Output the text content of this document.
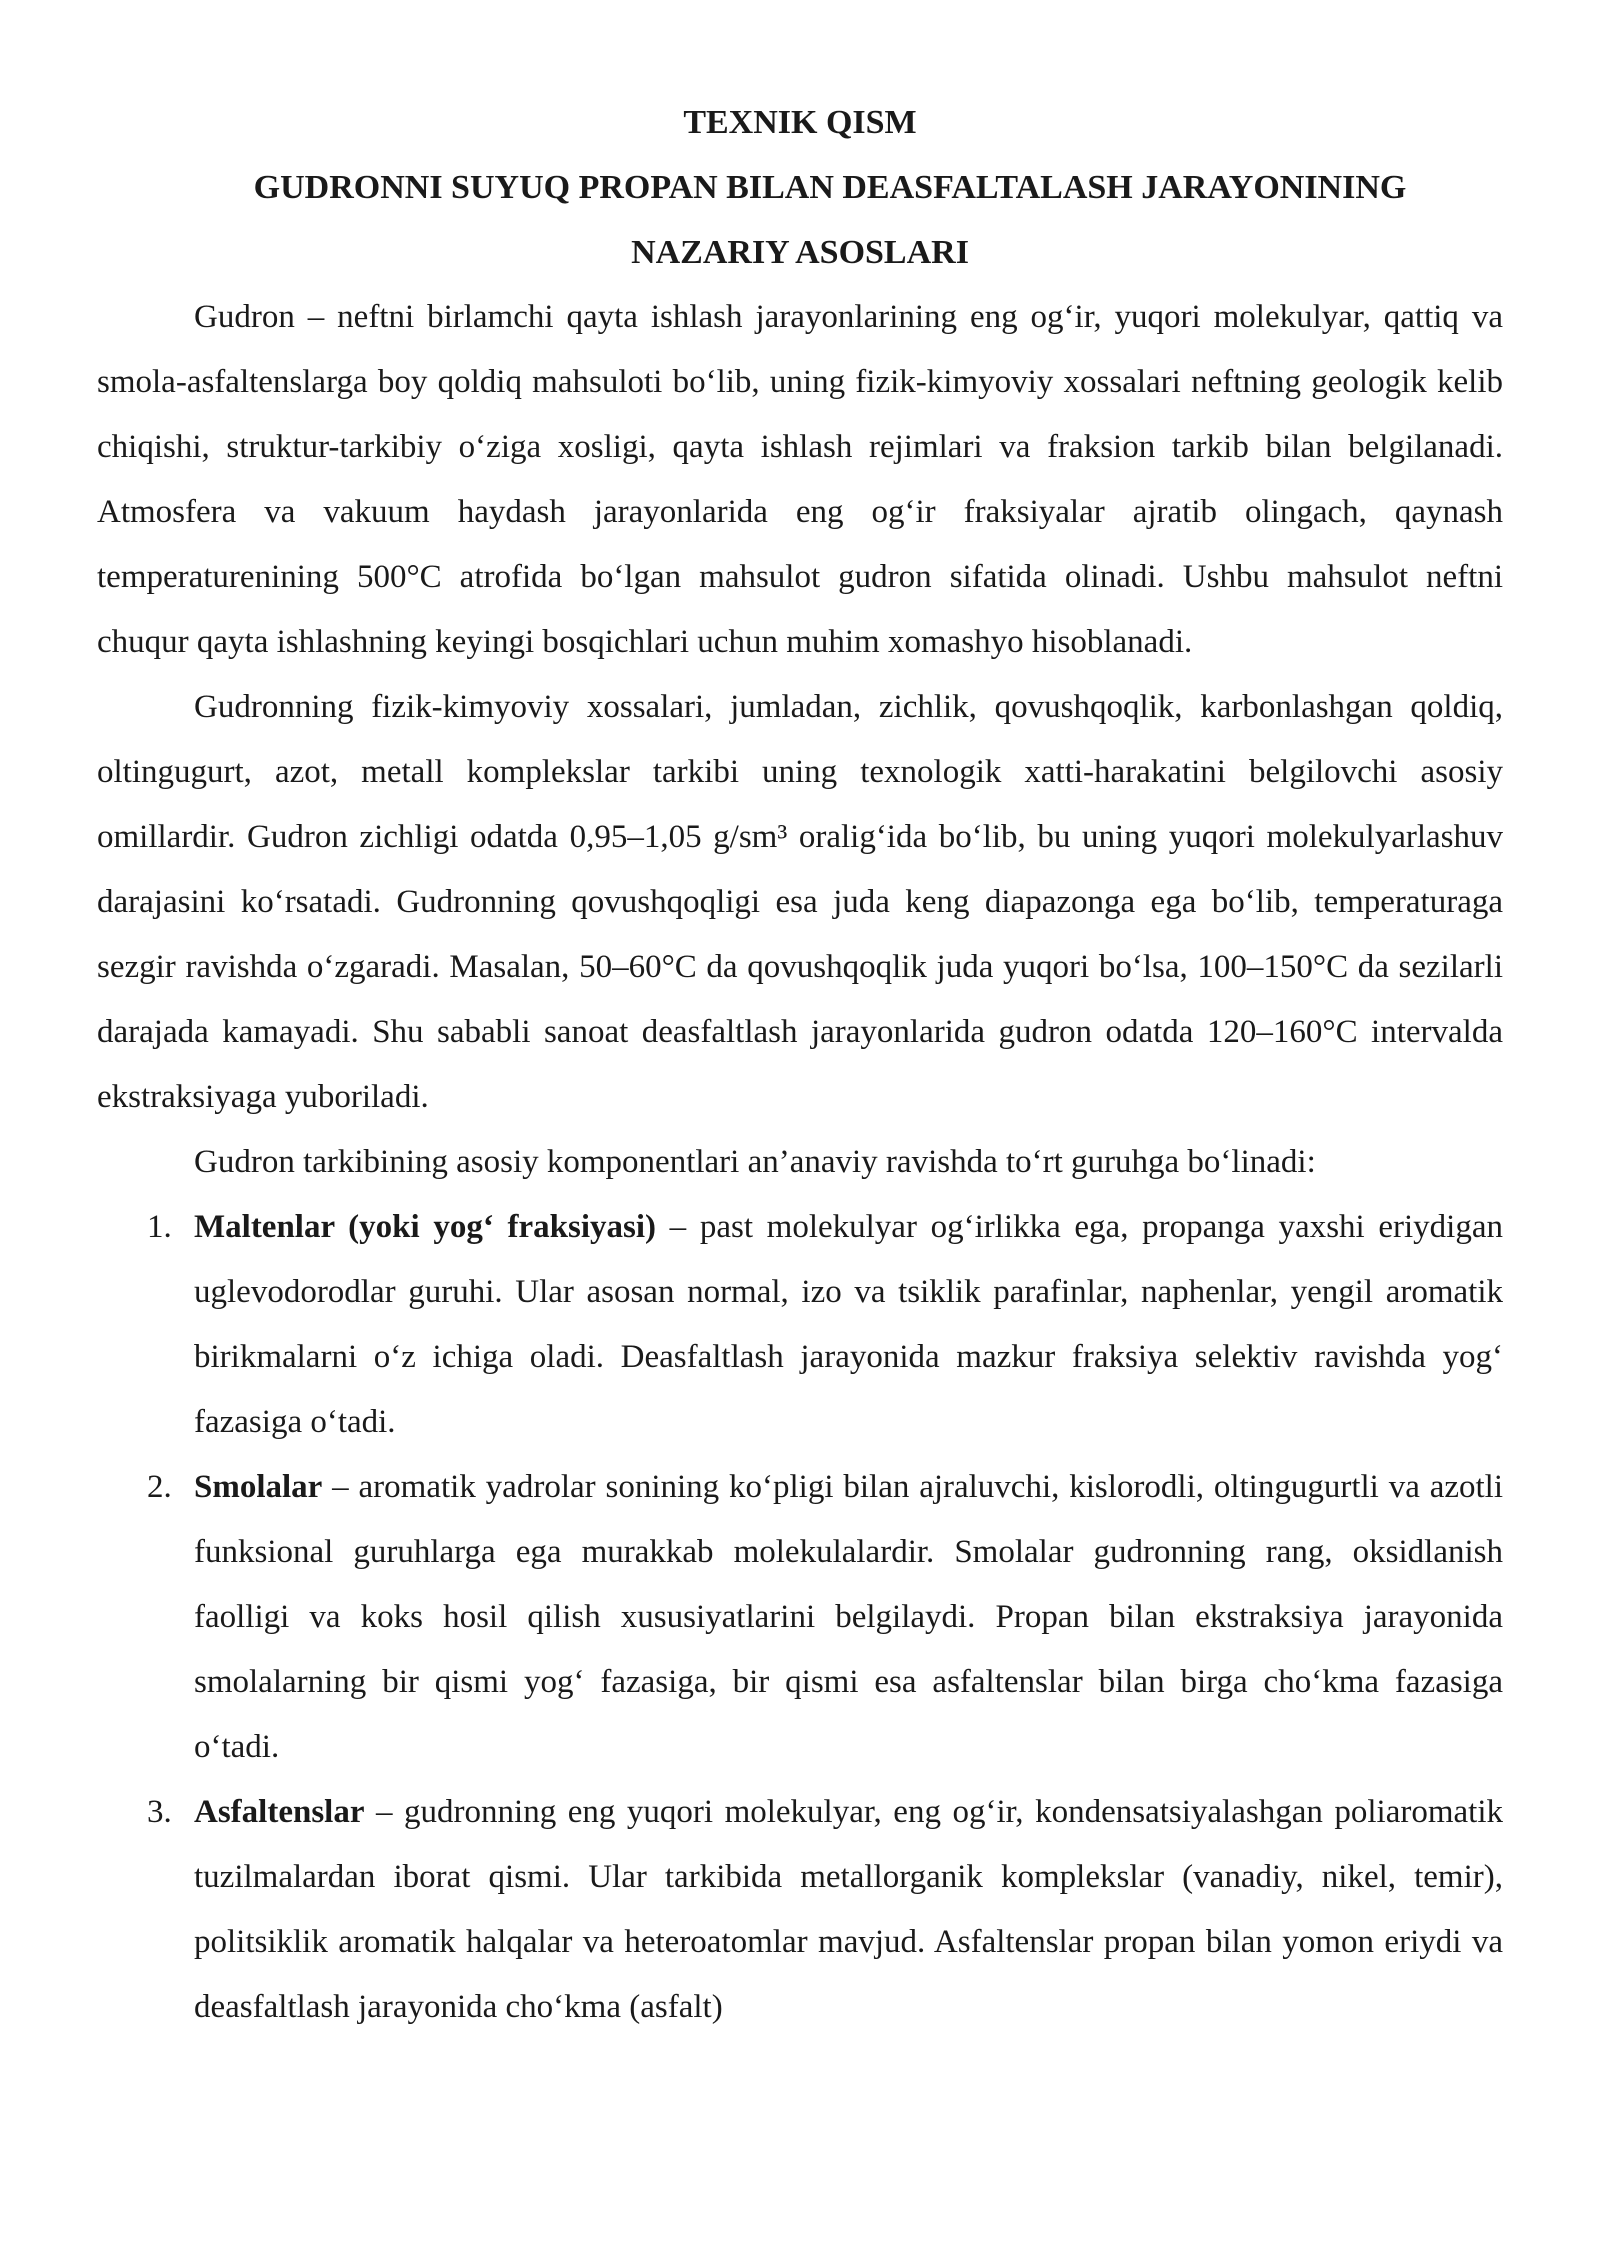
TEXNIK QISM
GUDRONNI SUYUQ PROPAN BILAN DEASFALTALASH JARAYONINING
NAZARIY ASOSLARI

Gudron – neftni birlamchi qayta ishlash jarayonlarining eng og‘ir, yuqori molekulyar, qattiq va smola-asfaltenslarga boy qoldiq mahsuloti bo‘lib, uning fizik-kimyoviy xossalari neftning geologik kelib chiqishi, struktur-tarkibiy o‘ziga xosligi, qayta ishlash rejimlari va fraksion tarkib bilan belgilanadi. Atmosfera va vakuum haydash jarayonlarida eng og‘ir fraksiyalar ajratib olingach, qaynash temperaturenining 500°C atrofida bo‘lgan mahsulot gudron sifatida olinadi. Ushbu mahsulot neftni chuqur qayta ishlashning keyingi bosqichlari uchun muhim xomashyo hisoblanadi.

Gudronning fizik-kimyoviy xossalari, jumladan, zichlik, qovushqoqlik, karbonlashgan qoldiq, oltingugurt, azot, metall komplekslar tarkibi uning texnologik xatti-harakatini belgilovchi asosiy omillardir. Gudron zichligi odatda 0,95–1,05 g/sm³ oralig‘ida bo‘lib, bu uning yuqori molekulyarlashuv darajasini ko‘rsatadi. Gudronning qovushqoqligi esa juda keng diapazonga ega bo‘lib, temperaturaga sezgir ravishda o‘zgaradi. Masalan, 50–60°C da qovushqoqlik juda yuqori bo‘lsa, 100–150°C da sezilarli darajada kamayadi. Shu sababli sanoat deasfaltlash jarayonlarida gudron odatda 120–160°C intervalda ekstraksiyaga yuboriladi.

Gudron tarkibining asosiy komponentlari an’anaviy ravishda to‘rt guruhga bo‘linadi:

1. Maltenlar (yoki yog‘ fraksiyasi) – past molekulyar og‘irlikka ega, propanga yaxshi eriydigan uglevodorodlar guruhi. Ular asosan normal, izo va tsiklik parafinlar, naphenlar, yengil aromatik birikmalarni o‘z ichiga oladi. Deasfaltlash jarayonida mazkur fraksiya selektiv ravishda yog‘ fazasiga o‘tadi.
2. Smolalar – aromatik yadrolar sonining ko‘pligi bilan ajraluvchi, kislorodli, oltingugurtli va azotli funksional guruhlarga ega murakkab molekulalardir. Smolalar gudronning rang, oksidlanish faolligi va koks hosil qilish xususiyatlarini belgilaydi. Propan bilan ekstraksiya jarayonida smolalarning bir qismi yog‘ fazasiga, bir qismi esa asfaltenslar bilan birga cho‘kma fazasiga o‘tadi.
3. Asfaltenslar – gudronning eng yuqori molekulyar, eng og‘ir, kondensatsiyalashgan poliaromatik tuzilmalardan iborat qismi. Ular tarkibida metallorganik komplekslar (vanadiy, nikel, temir), politsiklik aromatik halqalar va heteroatomlar mavjud. Asfaltenslar propan bilan yomon eriydi va deasfaltlash jarayonida cho‘kma (asfalt)
